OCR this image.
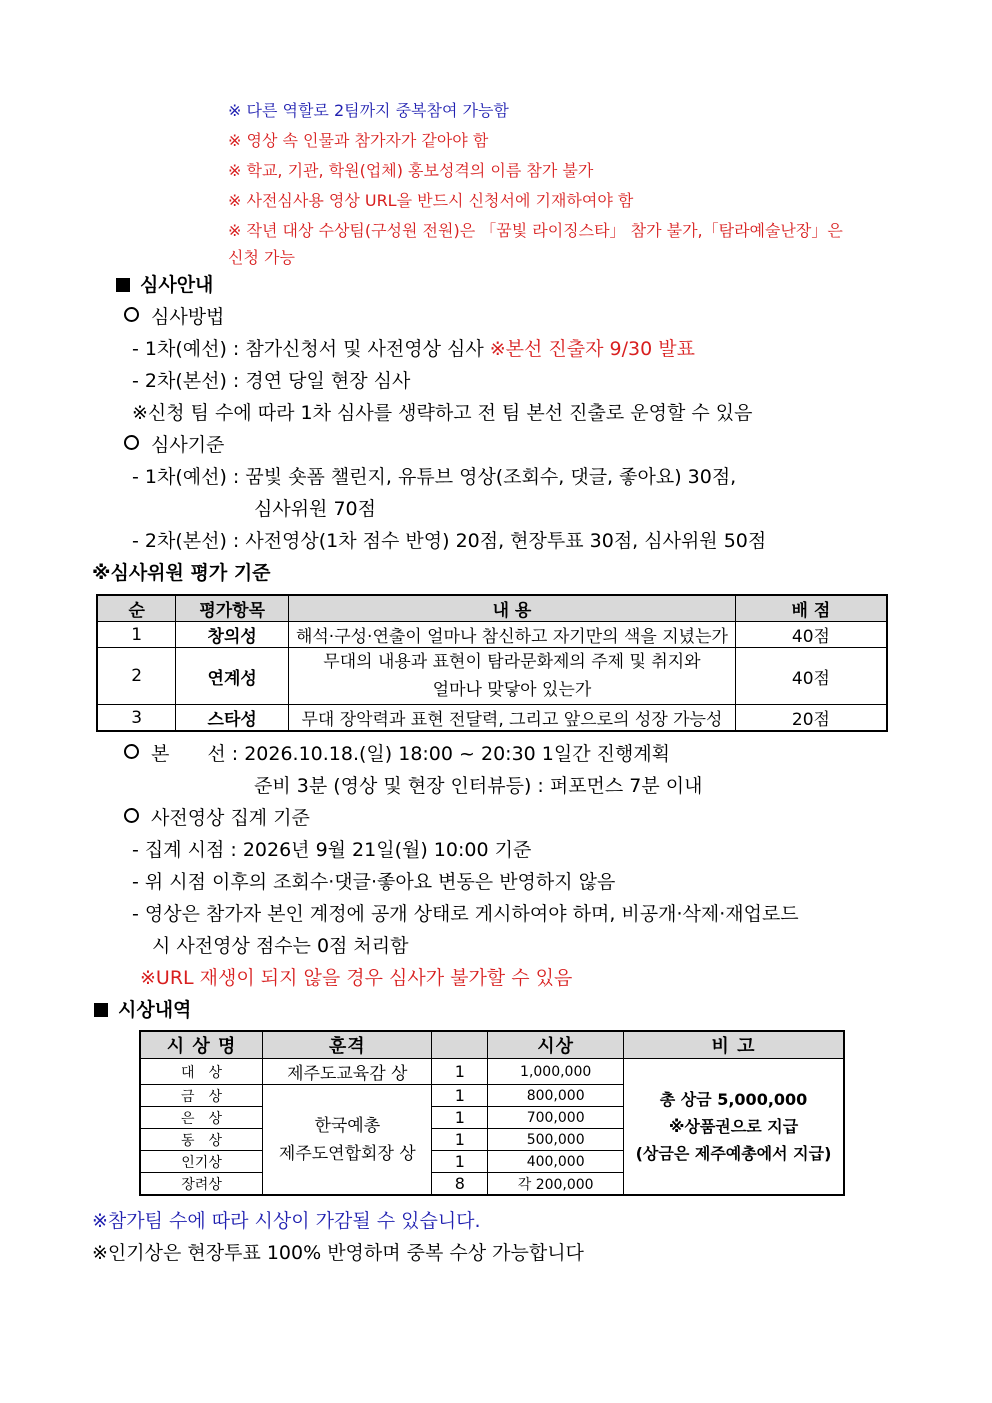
※ 다른 역할로 2팀까지 중복참여 가능함
※ 영상 속 인물과 참가자가 같아야 함
※ 학교, 기관, 학원(업체) 홍보성격의 이름 참가 불가
※ 사전심사용 영상 URL을 반드시 신청서에 기재하여야 함
※ 작년 대상 수상팀(구성원 전원)은 「꿈빛 라이징스타」 참가 불가,「탐라예술난장」은
신청 가능
심사안내
심사방법
- 1차(예선) : 참가신청서 및 사전영상 심사 ※본선 진출자 9/30 발표
- 2차(본선) : 경연 당일 현장 심사
※신청 팀 수에 따라 1차 심사를 생략하고 전 팀 본선 진출로 운영할 수 있음
심사기준
- 1차(예선) : 꿈빛 숏폼 챌린지, 유튜브 영상(조회수, 댓글, 좋아요) 30점,
심사위원 70점
- 2차(본선) : 사전영상(1차 점수 반영) 20점, 현장투표 30점, 심사위원 50점
※심사위원 평가 기준
순	평가항목	내 용	배 점
1	창의성	해석·구성·연출이 얼마나 참신하고 자기만의 색을 지녔는가	40점
2	연계성	무대의 내용과 표현이 탐라문화제의 주제 및 취지와
얼마나 맞닿아 있는가	40점
3	스타성	무대 장악력과 표현 전달력, 그리고 앞으로의 성장 가능성	20점
본　　선 : 2026.10.18.(일) 18:00 ~ 20:30 1일간 진행계획
준비 3분 (영상 및 현장 인터뷰등) : 퍼포먼스 7분 이내
사전영상 집계 기준
- 집계 시점 : 2026년 9월 21일(월) 10:00 기준
- 위 시점 이후의 조회수·댓글·좋아요 변동은 반영하지 않음
- 영상은 참가자 본인 계정에 공개 상태로 게시하여야 하며, 비공개·삭제·재업로드
시 사전영상 점수는 0점 처리함
※URL 재생이 되지 않을 경우 심사가 불가할 수 있음
시상내역
시 상 명	훈격		시상	비 고
대　상	제주도교육감 상	1	1,000,000	총 상금 5,000,000
※상품권으로 지급
(상금은 제주예총에서 지급)

금　상	한국예총
제주도연합회장 상	1	800,000	
은　상		1	700,000	
동　상		1	500,000	
인기상		1	400,000	
장려상		8	각 200,000	
※참가팀 수에 따라 시상이 가감될 수 있습니다.
※인기상은 현장투표 100% 반영하며 중복 수상 가능합니다
